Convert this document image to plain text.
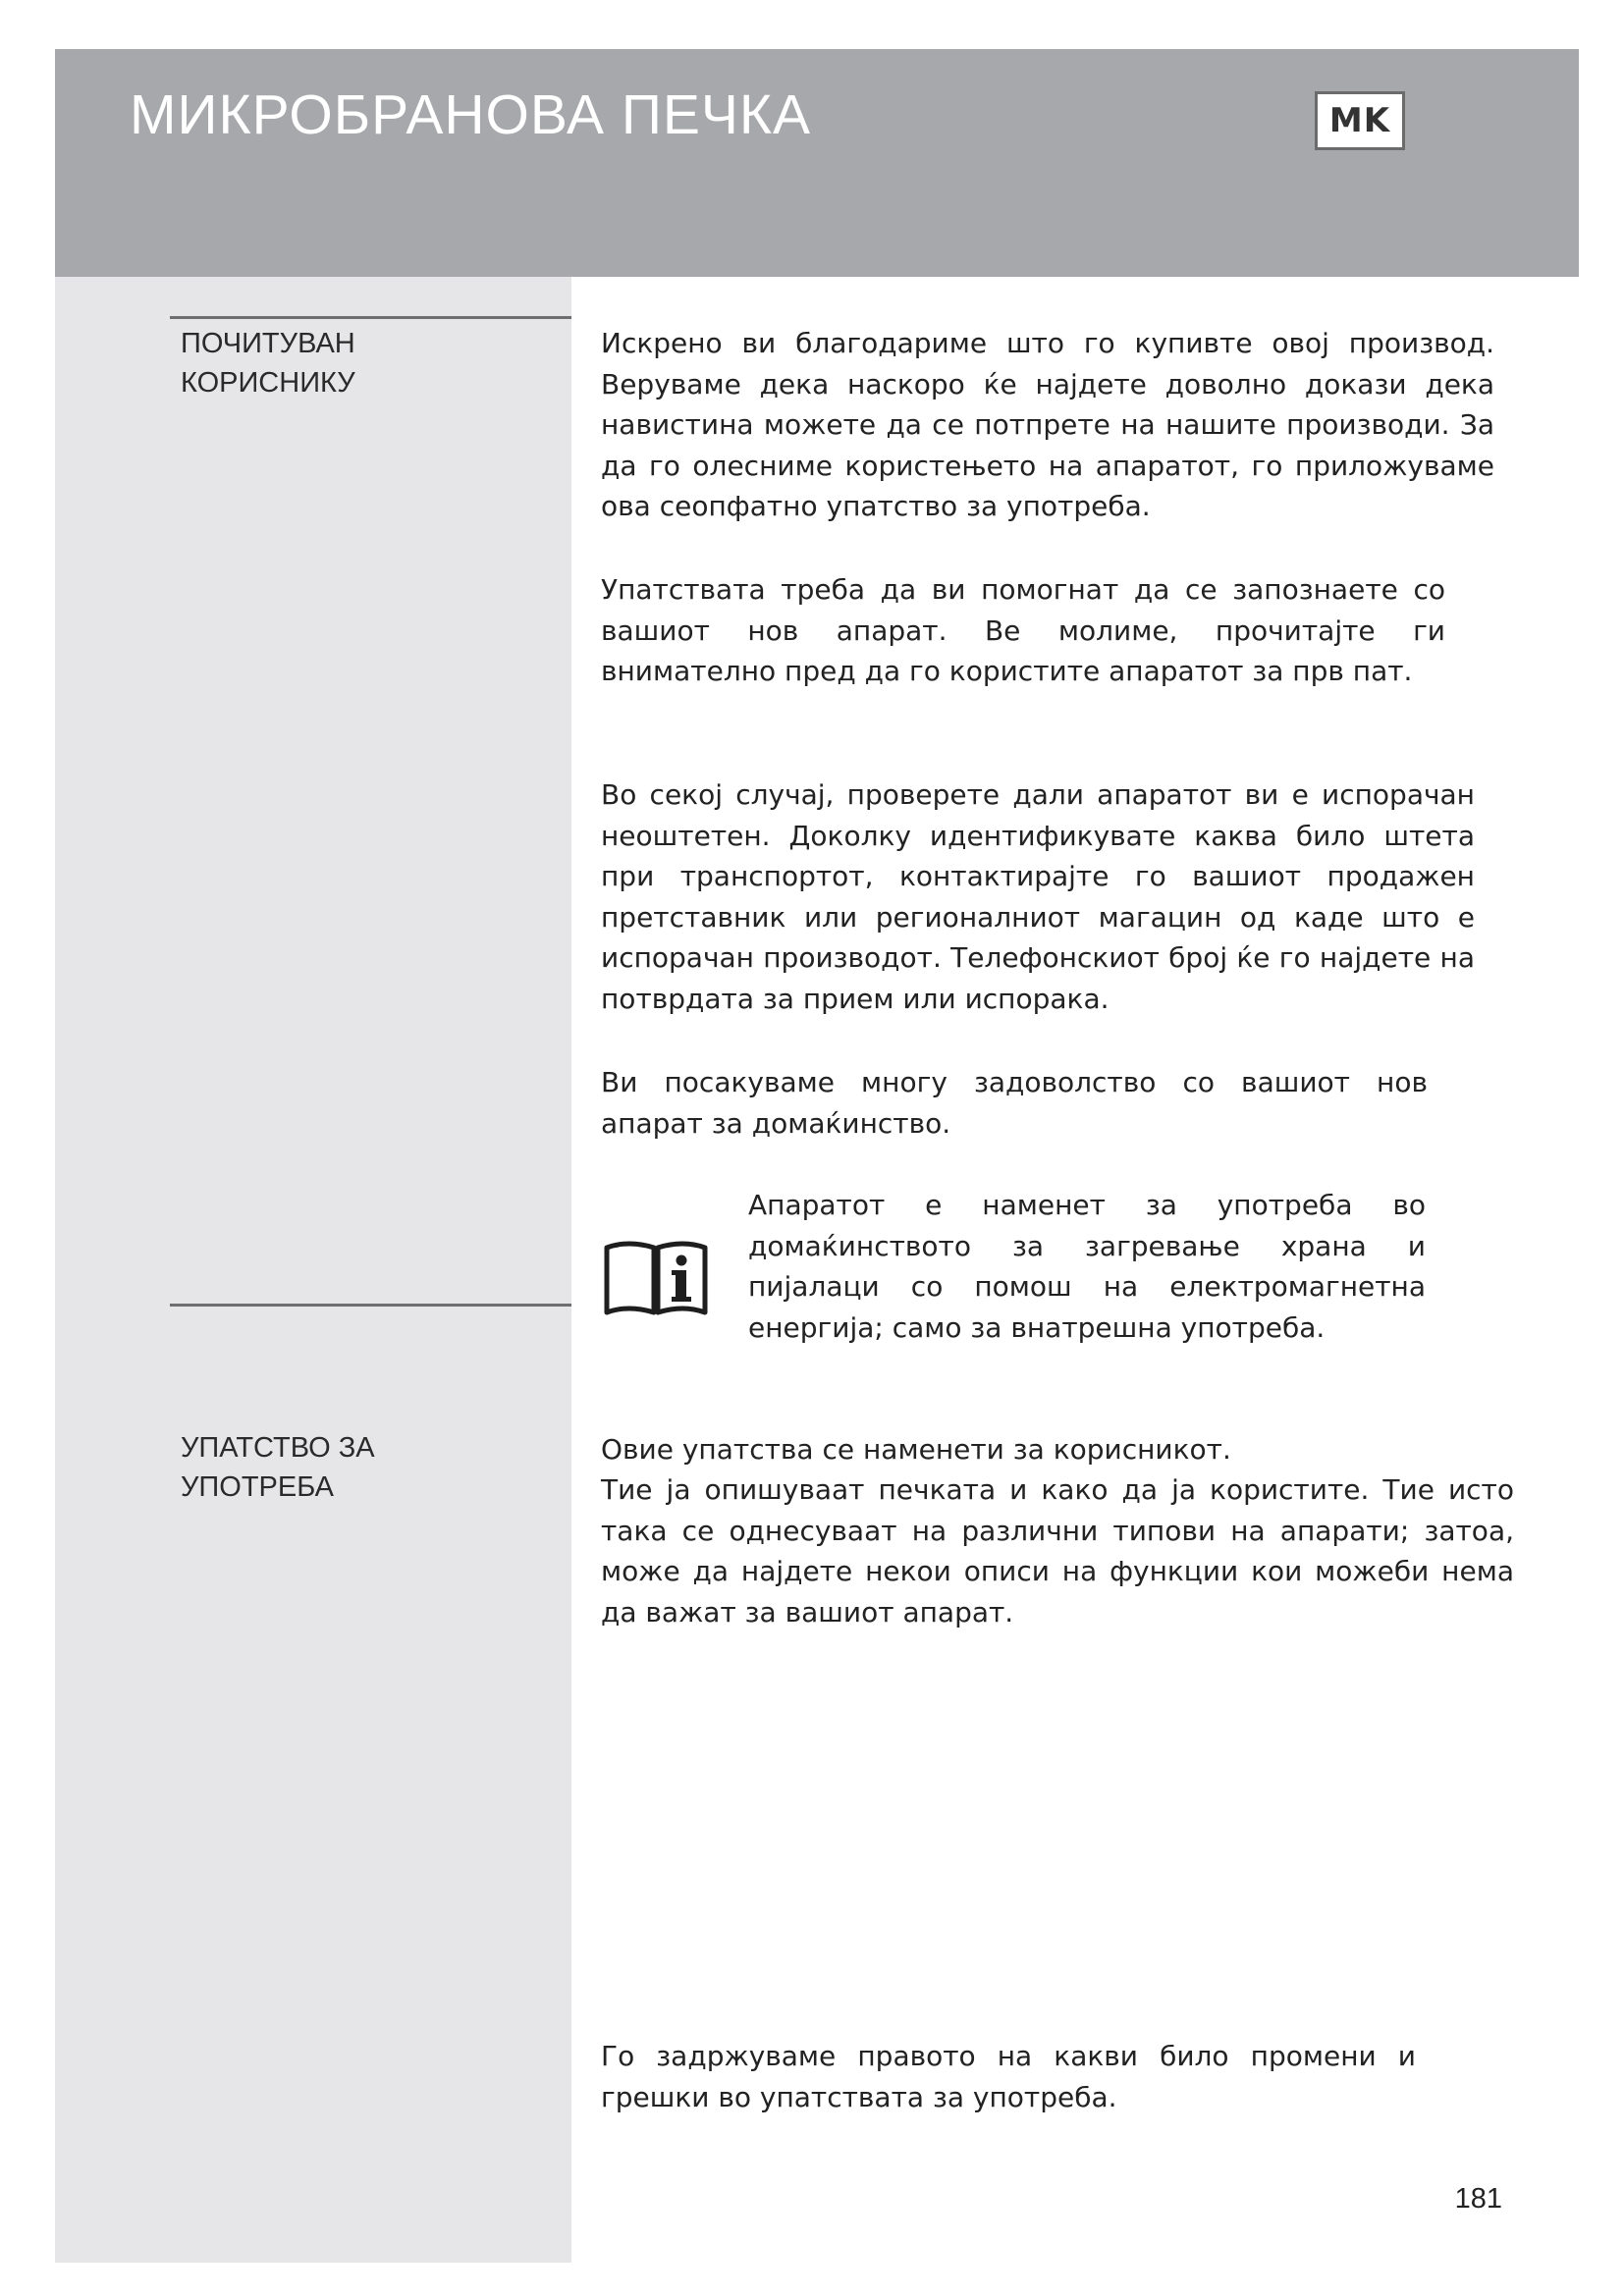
МИКРОБРАНОВА ПЕЧКА	MK
ПОЧИТУВАН
КОРИСНИКУ

Искрено ви благодариме што го купивте овој производ. Веруваме дека наскоро ќе најдете доволно докази дека навистина можете да се потпрете на нашите производи. За да го олесниме користењето на апаратот, го приложуваме ова сеопфатно упатство за употреба.

Упатствата треба да ви помогнат да се запознаете со вашиот нов апарат. Ве молиме, прочитајте ги внимателно пред да го користите апаратот за прв пат.

Во секој случај, проверете дали апаратот ви е испорачан неоштетен. Доколку идентификувате каква било штета при транспортот, контактирајте го вашиот продажен претставник или регионалниот магацин од каде што е испорачан производот. Телефонскиот број ќе го најдете на потврдата за прием или испорака.

Ви посакуваме многу задоволство со вашиот нов апарат за домаќинство.

Апаратот е наменет за употреба во домаќинството за загревање храна и пијалаци со помош на електромагнетна енергија; само за внатрешна употреба.

УПАТСТВО ЗА
УПОТРЕБА

Овие упатства се наменети за корисникот.

Тие ја опишуваат печката и како да ја користите. Тие исто така се однесуваат на различни типови на апарати; затоа, може да најдете некои описи на функции кои можеби нема да важат за вашиот апарат.

Го задржуваме правото на какви било промени и грешки во упатствата за употреба.

181
